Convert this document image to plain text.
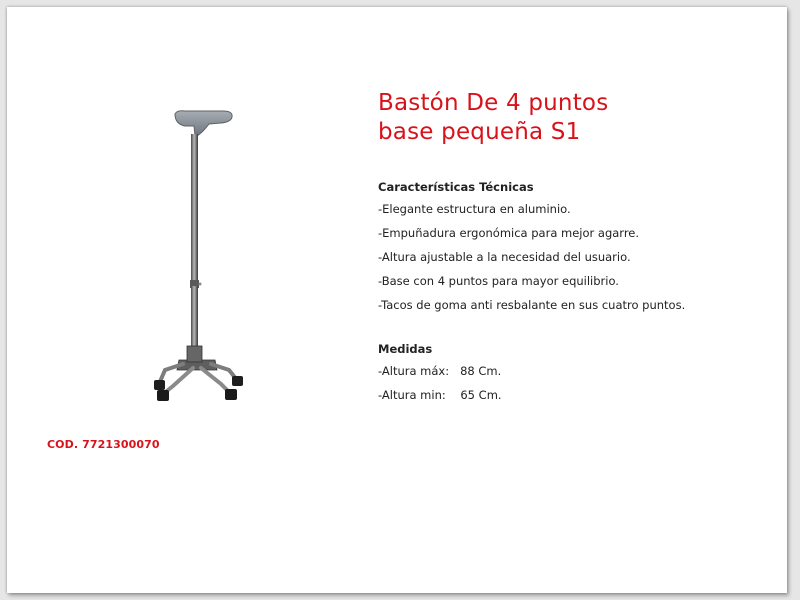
Bastón De 4 puntos
base pequeña S1

Características Técnicas

-Elegante estructura en aluminio.

-Empuñadura ergonómica para mejor agarre.

-Altura ajustable a la necesidad del usuario.

-Base con 4 puntos para mayor equilibrio.

-Tacos de goma anti resbalante en sus cuatro puntos.

Medidas

-Altura máx:   88 Cm.

-Altura min:    65 Cm.

COD. 7721300070
